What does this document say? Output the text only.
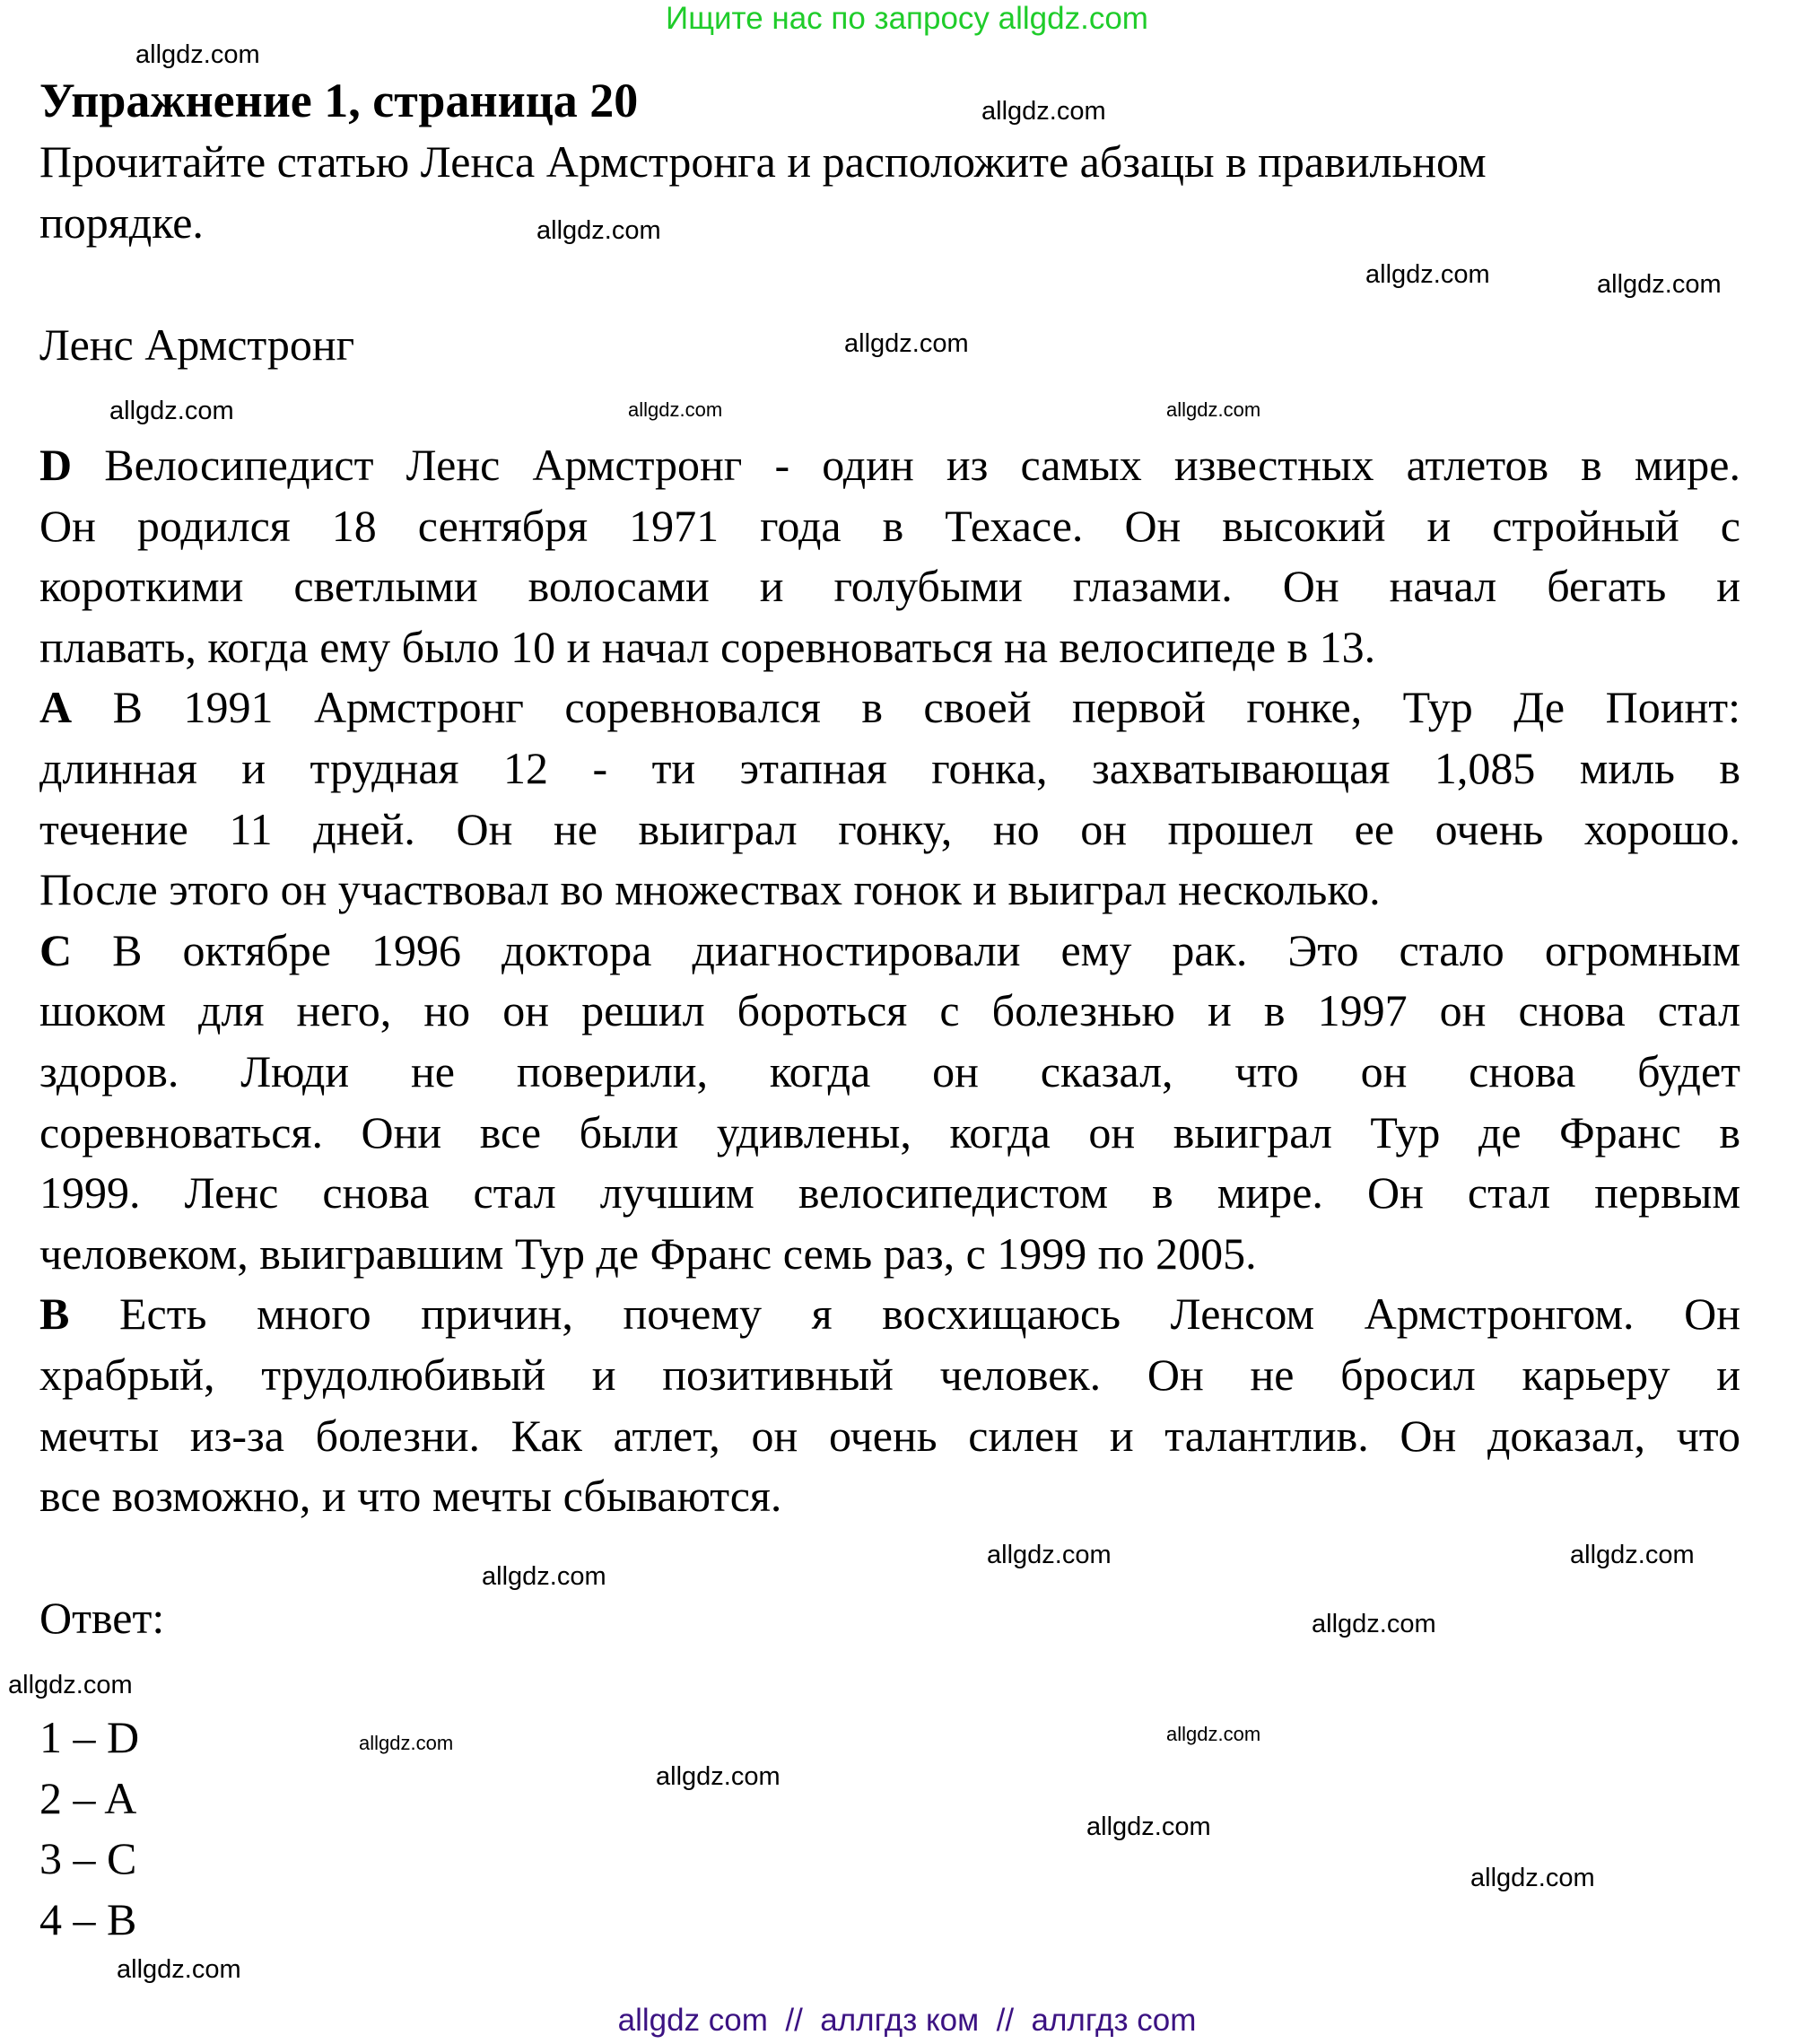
Ищите нас по запросу allgdz.com
Упражнение 1, страница 20
Прочитайте статью Ленса Армстронга и расположите абзацы в правильном
порядке.
Ленс Армстронг
D Велосипедист Ленс Армстронг - один из самых известных атлетов в мире.
Он родился 18 сентября 1971 года в Техасе. Он высокий и стройный с
короткими светлыми волосами и голубыми глазами. Он начал бегать и
плавать, когда ему было 10 и начал соревноваться на велосипеде в 13.
A В 1991 Армстронг соревновался в своей первой гонке, Тур Де Поинт:
длинная и трудная 12 - ти этапная гонка, захватывающая 1,085 миль в
течение 11 дней. Он не выиграл гонку, но он прошел ее очень хорошо.
После этого он участвовал во множествах гонок и выиграл несколько.
C В октябре 1996 доктора диагностировали ему рак. Это стало огромным
шоком для него, но он решил бороться с болезнью и в 1997 он снова стал
здоров. Люди не поверили, когда он сказал, что он снова будет
соревноваться. Они все были удивлены, когда он выиграл Тур де Франс в
1999. Ленс снова стал лучшим велосипедистом в мире. Он стал первым
человеком, выигравшим Тур де Франс семь раз, с 1999 по 2005.
B Есть много причин, почему я восхищаюсь Ленсом Армстронгом. Он
храбрый, трудолюбивый и позитивный человек. Он не бросил карьеру и
мечты из-за болезни. Как атлет, он очень силен и талантлив. Он доказал, что
все возможно, и что мечты сбываются.
Ответ:
1 – D
2 – A
3 – C
4 – B
allgdz.com
allgdz.com
allgdz.com
allgdz.com
allgdz.com
allgdz.com
allgdz.com
allgdz.com
allgdz.com
allgdz.com
allgdz.com
allgdz.com
allgdz.com
allgdz.com
allgdz.com
allgdz.com
allgdz.com
allgdz.com
allgdz.com
allgdz.com
allgdz com  //  аллгдз ком  //  аллгдз com
